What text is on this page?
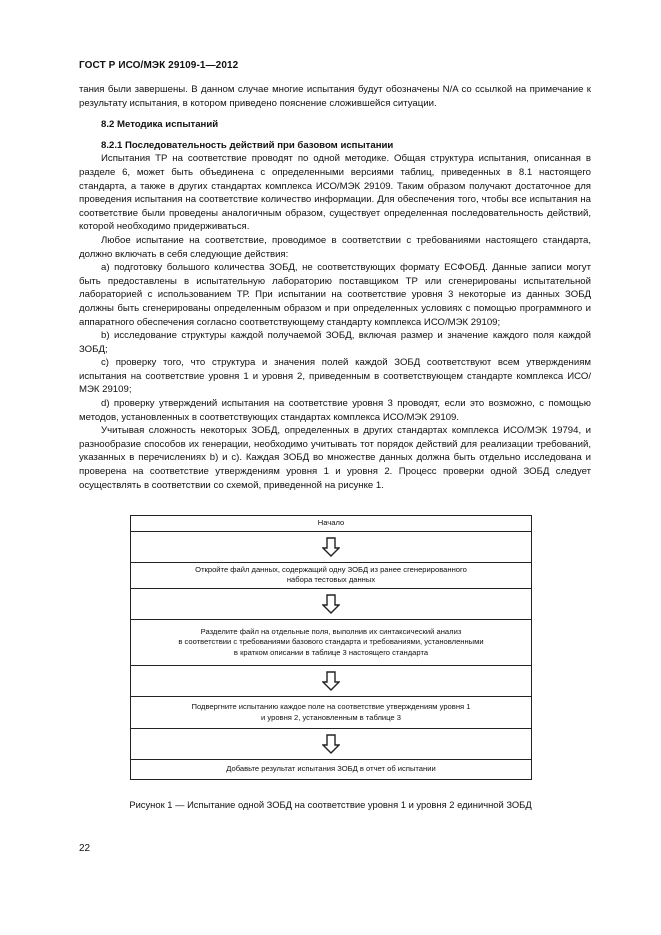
ГОСТ Р ИСО/МЭК 29109-1—2012

тания были завершены. В данном случае многие испытания будут обозначены N/A со ссылкой на примечание к результату испытания, в котором приведено пояснение сложившейся ситуации.

8.2 Методика испытаний

8.2.1 Последовательность действий при базовом испытании

Испытания ТР на соответствие проводят по одной методике. Общая структура испытания, описанная в разделе 6, может быть объединена с определенными версиями таблиц, приведенных в 8.1 настоящего стандарта, а также в других стандартах комплекса ИСО/МЭК 29109. Таким образом получают достаточное для проведения испытания на соответствие количество информации. Для обеспечения того, чтобы все испытания на соответствие были проведены аналогичным образом, существует определенная последовательность действий, которой необходимо придерживаться.

Любое испытание на соответствие, проводимое в соответствии с требованиями настоящего стандарта, должно включать в себя следующие действия:

a) подготовку большого количества ЗОБД, не соответствующих формату ЕСФОБД. Данные записи могут быть предоставлены в испытательную лабораторию поставщиком ТР или сгенерированы испытательной лабораторией с использованием ТР. При испытании на соответствие уровня 3 некоторые из данных ЗОБД должны быть сгенерированы определенным образом и при определенных условиях с помощью программного и аппаратного обеспечения согласно соответствующему стандарту комплекса ИСО/МЭК 29109;

b) исследование структуры каждой получаемой ЗОБД, включая размер и значение каждого поля каждой ЗОБД;

c) проверку того, что структура и значения полей каждой ЗОБД соответствуют всем утверждениям испытания на соответствие уровня 1 и уровня 2, приведенным в соответствующем стандарте комплекса ИСО/МЭК 29109;

d) проверку утверждений испытания на соответствие уровня 3 проводят, если это возможно, с помощью методов, установленных в соответствующих стандартах комплекса ИСО/МЭК 29109.

Учитывая сложность некоторых ЗОБД, определенных в других стандартах комплекса ИСО/МЭК 19794, и разнообразие способов их генерации, необходимо учитывать тот порядок действий для реализации требований, указанных в перечислениях b) и c). Каждая ЗОБД во множестве данных должна быть отдельно исследована и проверена на соответствие утверждениям уровня 1 и уровня 2. Процесс проверки одной ЗОБД следует осуществлять в соответствии со схемой, приведенной на рисунке 1.

Начало
Откройте файл данных, содержащий одну ЗОБД из ранее сгенерированного
набора тестовых данных
Разделите файл на отдельные поля, выполнив их синтаксический анализ
в соответствии с требованиями базового стандарта и требованиями, установленными
в кратком описании в таблице 3 настоящего стандарта
Подвергните испытанию каждое поле на соответствие утверждениям уровня 1
и уровня 2, установленным в таблице 3
Добавьте результат испытания ЗОБД в отчет об испытании
Рисунок 1 — Испытание одной ЗОБД на соответствие уровня 1 и уровня 2 единичной ЗОБД
22
